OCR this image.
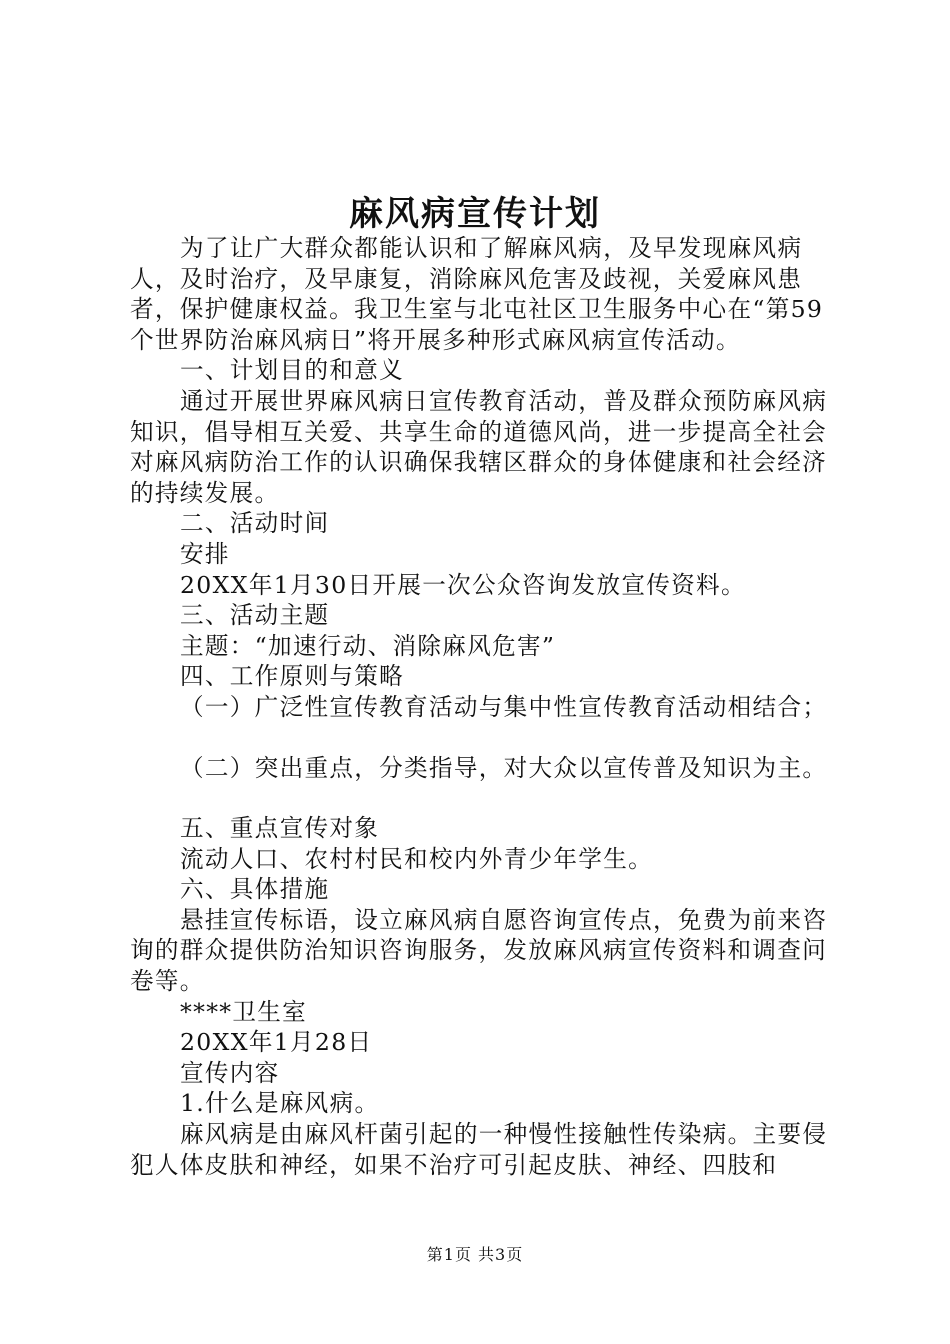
麻风病宣传计划

为了让广大群众都能认识和了解麻风病，及早发现麻风病人，及时治疗，及早康复，消除麻风危害及歧视，关爱麻风患者，保护健康权益。我卫生室与北屯社区卫生服务中心在“第59个世界防治麻风病日”将开展多种形式麻风病宣传活动。

一、计划目的和意义

通过开展世界麻风病日宣传教育活动，普及群众预防麻风病知识，倡导相互关爱、共享生命的道德风尚，进一步提高全社会对麻风病防治工作的认识确保我辖区群众的身体健康和社会经济的持续发展。

二、活动时间

安排

20XX年1月30日开展一次公众咨询发放宣传资料。

三、活动主题

主题：“加速行动、消除麻风危害”

四、工作原则与策略

（一）广泛性宣传教育活动与集中性宣传教育活动相结合；

（二）突出重点，分类指导，对大众以宣传普及知识为主。

五、重点宣传对象

流动人口、农村村民和校内外青少年学生。

六、具体措施

悬挂宣传标语，设立麻风病自愿咨询宣传点，免费为前来咨询的群众提供防治知识咨询服务，发放麻风病宣传资料和调查问卷等。

****卫生室

20XX年1月28日

宣传内容

1.什么是麻风病。

麻风病是由麻风杆菌引起的一种慢性接触性传染病。主要侵犯人体皮肤和神经，如果不治疗可引起皮肤、神经、四肢和

第1页 共3页
